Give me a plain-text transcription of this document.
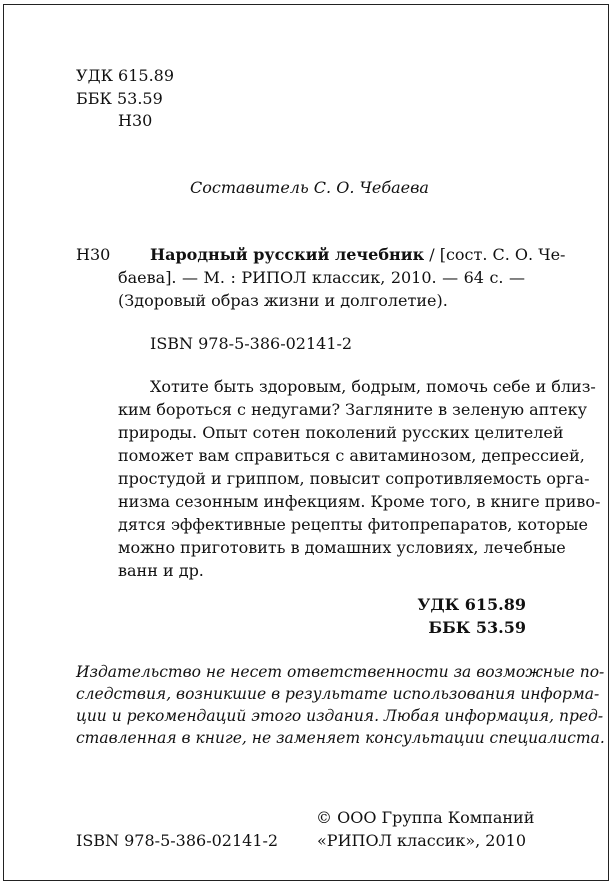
УДК 615.89
ББК 53.59
Н30
Составитель С. О. Чебаева
Н30 Народный русский лечебник / [сост. С. О. Че-
баева]. — М. : РИПОЛ классик, 2010. — 64 с. —
(Здоровый образ жизни и долголетие).
ISBN 978-5-386-02141-2
Хотите быть здоровым, бодрым, помочь себе и близ-
ким бороться с недугами? Загляните в зеленую аптеку
природы. Опыт сотен поколений русских целителей
поможет вам справиться с авитаминозом, депрессией,
простудой и гриппом, повысит сопротивляемость орга-
низма сезонным инфекциям. Кроме того, в книге приво-
дятся эффективные рецепты фитопрепаратов, которые
можно приготовить в домашних условиях, лечебные
ванн и др.
УДК 615.89
ББК 53.59
Издательство не несет ответственности за возможные по-
следствия, возникшие в результате использования информа-
ции и рекомендаций этого издания. Любая информация, пред-
ставленная в книге, не заменяет консультации специалиста.
© ООО Группа Компаний
ISBN 978-5-386-02141-2 «РИПОЛ классик», 2010
